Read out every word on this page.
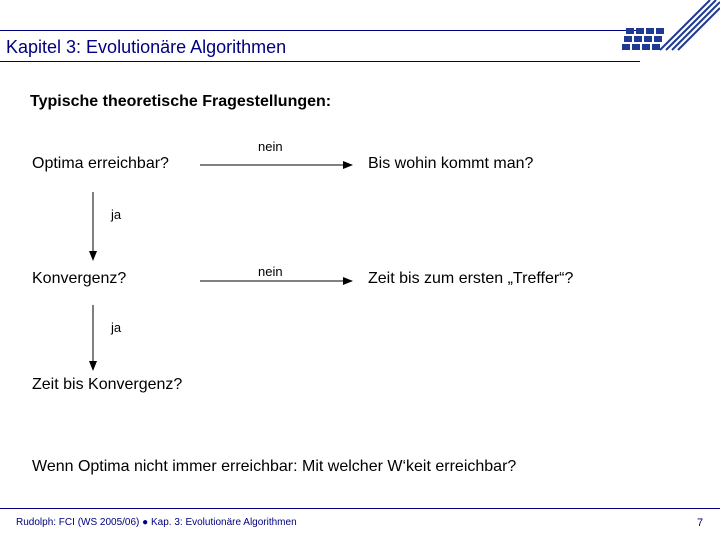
Kapitel 3: Evolutionäre Algorithmen
Typische theoretische Fragestellungen:
Optima erreichbar?
nein
Bis wohin kommt man?
ja
Konvergenz?	nein	Zeit bis zum ersten „Treffer“?
ja
Zeit bis Konvergenz?
Wenn Optima nicht immer erreichbar: Mit welcher W‘keit erreichbar?
Rudolph: FCI (WS 2005/06) ● Kap. 3: Evolutionäre Algorithmen	7
